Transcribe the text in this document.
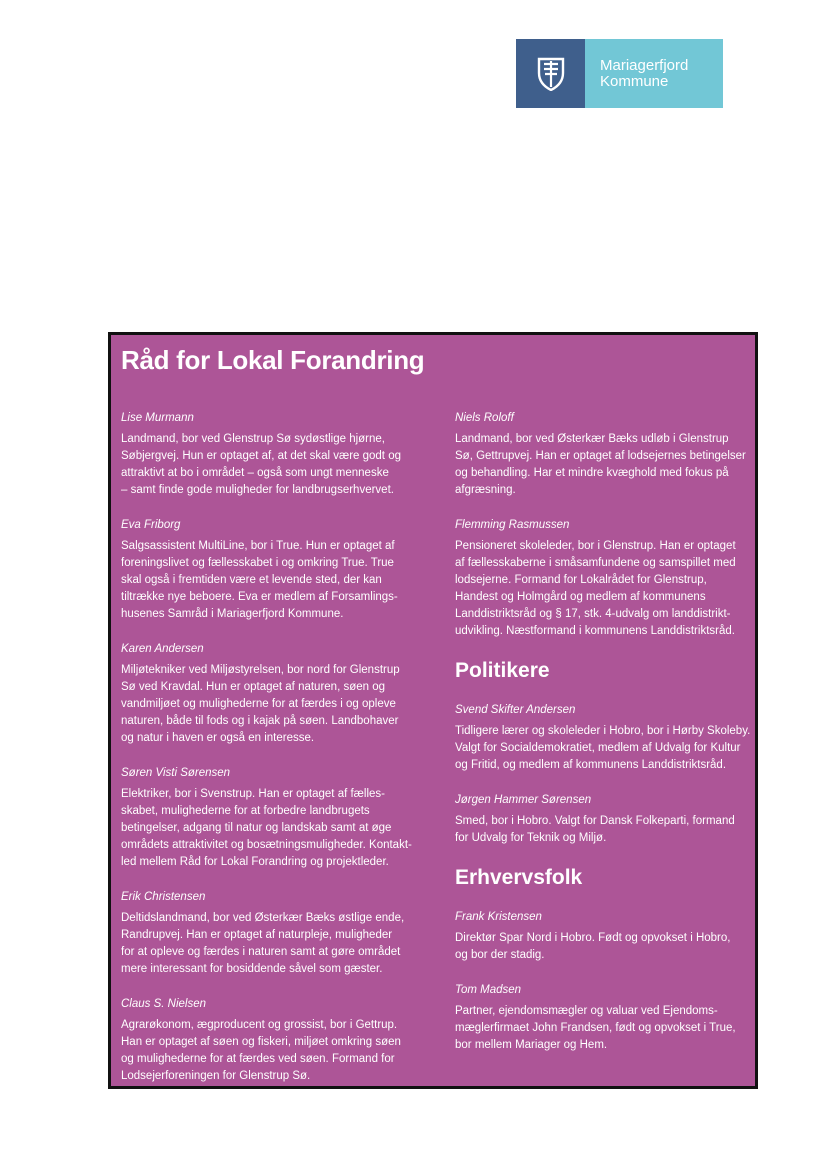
Mariagerfjord
Kommune
Råd for Lokal Forandring
Lise Murmann
Landmand, bor ved Glenstrup Sø sydøstlige hjørne,
Søbjergvej. Hun er optaget af, at det skal være godt og
attraktivt at bo i området – også som ungt menneske
– samt finde gode muligheder for landbrugserhvervet.
Eva Friborg
Salgsassistent MultiLine, bor i True. Hun er optaget af
foreningslivet og fællesskabet i og omkring True. True
skal også i fremtiden være et levende sted, der kan
tiltrække nye beboere. Eva er medlem af Forsamlings-
husenes Samråd i Mariagerfjord Kommune.
Karen Andersen
Miljøtekniker ved Miljøstyrelsen, bor nord for Glenstrup
Sø ved Kravdal. Hun er optaget af naturen, søen og
vandmiljøet og mulighederne for at færdes i og opleve
naturen, både til fods og i kajak på søen. Landbohaver
og natur i haven er også en interesse.
Søren Visti Sørensen
Elektriker, bor i Svenstrup. Han er optaget af fælles-
skabet, mulighederne for at forbedre landbrugets
betingelser, adgang til natur og landskab samt at øge
områdets attraktivitet og bosætningsmuligheder. Kontakt-
led mellem Råd for Lokal Forandring og projektleder.
Erik Christensen
Deltidslandmand, bor ved Østerkær Bæks østlige ende,
Randrupvej. Han er optaget af naturpleje, muligheder
for at opleve og færdes i naturen samt at gøre området
mere interessant for bosiddende såvel som gæster.
Claus S. Nielsen
Agrarøkonom, ægproducent og grossist, bor i Gettrup.
Han er optaget af søen og fiskeri, miljøet omkring søen
og mulighederne for at færdes ved søen. Formand for
Lodsejerforeningen for Glenstrup Sø.
Niels Roloff
Landmand, bor ved Østerkær Bæks udløb i Glenstrup
Sø, Gettrupvej. Han er optaget af lodsejernes betingelser
og behandling. Har et mindre kvæghold med fokus på
afgræsning.
Flemming Rasmussen
Pensioneret skoleleder, bor i Glenstrup. Han er optaget
af fællesskaberne i småsamfundene og samspillet med
lodsejerne. Formand for Lokalrådet for Glenstrup,
Handest og Holmgård og medlem af kommunens
Landdistriktsråd og § 17, stk. 4-udvalg om landdistrikt-
udvikling. Næstformand i kommunens Landdistriktsråd.
Politikere
Svend Skifter Andersen
Tidligere lærer og skoleleder i Hobro, bor i Hørby Skoleby.
Valgt for Socialdemokratiet, medlem af Udvalg for Kultur
og Fritid, og medlem af kommunens Landdistriktsråd.
Jørgen Hammer Sørensen
Smed, bor i Hobro. Valgt for Dansk Folkeparti, formand
for Udvalg for Teknik og Miljø.
Erhvervsfolk
Frank Kristensen
Direktør Spar Nord i Hobro. Født og opvokset i Hobro,
og bor der stadig.
Tom Madsen
Partner, ejendomsmægler og valuar ved Ejendoms-
mæglerfirmaet John Frandsen, født og opvokset i True,
bor mellem Mariager og Hem.
